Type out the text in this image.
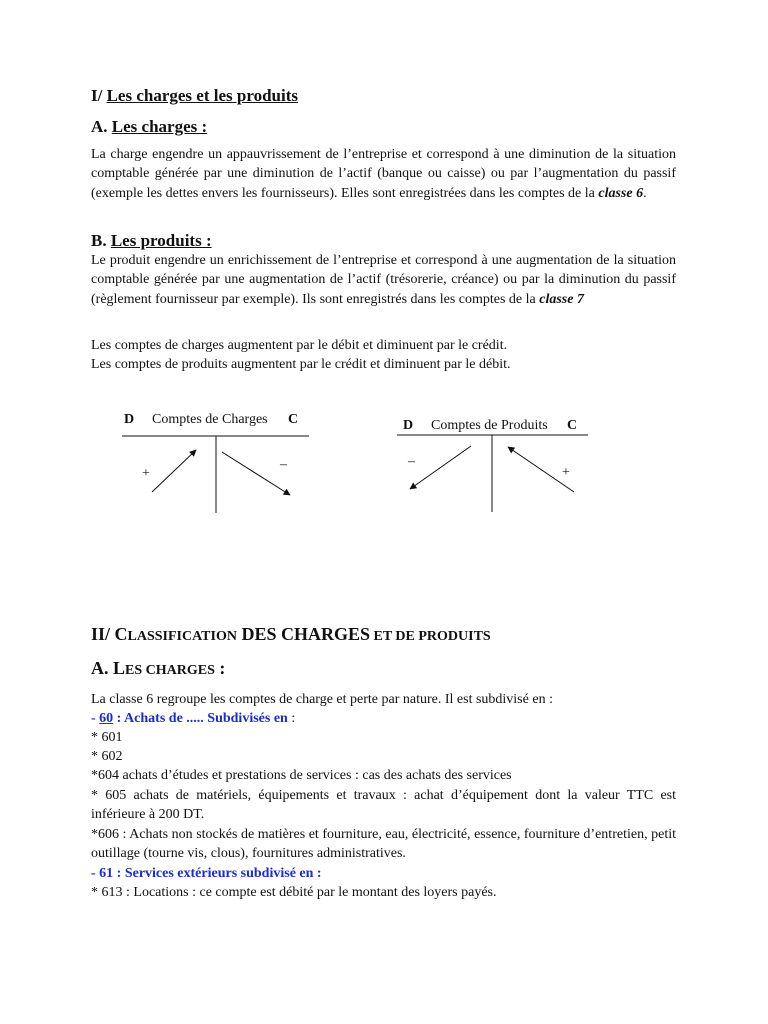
I/ Les charges et les produits
A. Les charges :
La charge engendre un appauvrissement de l’entreprise et correspond à une diminution de la situation comptable générée par une diminution de l’actif (banque ou caisse) ou par l’augmentation du passif (exemple les dettes envers les fournisseurs). Elles sont enregistrées dans les comptes de la classe 6.
B. Les produits :
Le produit engendre un enrichissement de l’entreprise et correspond à une augmentation de la situation comptable générée par une augmentation de l’actif (trésorerie, créance) ou par la diminution du passif (règlement fournisseur par exemple). Ils sont enregistrés dans les comptes de la classe 7
Les comptes de charges augmentent par le débit et diminuent par le crédit.
Les comptes de produits augmentent par le crédit et diminuent par le débit.
D Comptes de Charges C
+
–
D Comptes de Produits C
–
+
II/ CLASSIFICATION DES CHARGES ET DE PRODUITS
A. LES CHARGES :
La classe 6 regroupe les comptes de charge et perte par nature. Il est subdivisé en :
- 60 : Achats de ..... Subdivisés en :
* 601
* 602
*604 achats d’études et prestations de services : cas des achats des services
* 605 achats de matériels, équipements et travaux : achat d’équipement dont la valeur TTC est inférieure à 200 DT.
*606 : Achats non stockés de matières et fourniture, eau, électricité, essence, fourniture d’entretien, petit outillage (tourne vis, clous), fournitures administratives.
- 61 : Services extérieurs subdivisé en :
* 613 : Locations : ce compte est débité par le montant des loyers payés.
